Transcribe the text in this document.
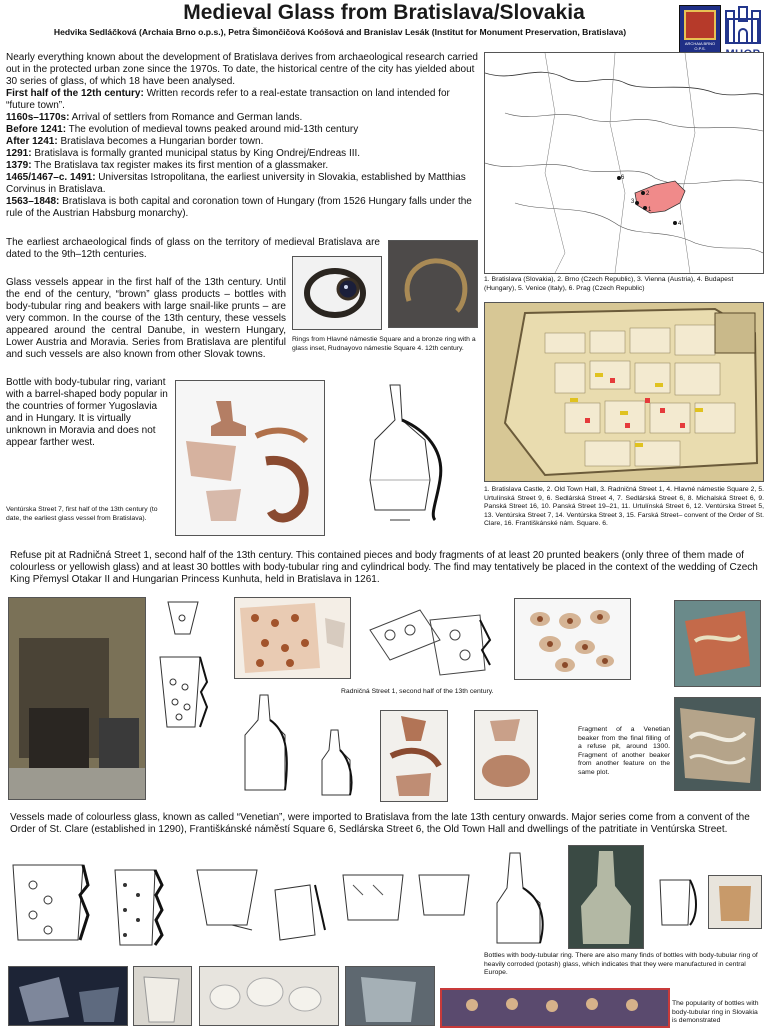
Medieval Glass from Bratislava/Slovakia
Hedvika Sedláčková (Archaia Brno o.p.s.), Petra Šimončičová Koóšová and Branislav Lesák (Institut for Monument Preservation, Bratislava)
ARCHAIA BRNO O.P.S.

Nearly everything known about the development of Bratislava derives from archaeological research carried out in the protected urban zone since the 1970s. To date, the historical centre of the city has yielded about 30 series of glass, of which 18 have been analysed.

First half of the 12th century: Written records refer to a real-estate transaction on land intended for “future town”.

1160s–1170s: Arrival of settlers from Romance and German lands.

Before 1241: The evolution of medieval towns peaked around mid-13th century

After 1241: Bratislava becomes a Hungarian border town.

1291: Bratislava is formally granted municipal status by King Ondrej/Endreas III.

1379: The Bratislava tax register makes its first mention of a glassmaker.

1465/1467–c. 1491: Universitas Istropolitana, the earliest university in Slovakia, established by Matthias Corvinus in Bratislava.

1563–1848: Bratislava is both capital and coronation town of Hungary (from 1526 Hungary falls under the rule of the Austrian Habsburg monarchy).

6
2
3
1
4
1. Bratislava (Slovakia), 2. Brno (Czech Republic), 3. Vienna (Austria), 4. Budapest (Hungary), 5. Venice (Italy), 6. Prag (Czech Republic)
1. Bratislava Castle, 2. Old Town Hall, 3. Radničná Street 1, 4. Hlavné námestie Square 2, 5. Urtulínská Street 9, 6. Sedlárská Street 4, 7. Sedlárská Street 6, 8. Michalská Street 6, 9. Panská Street 16, 10. Panská Street 19–21, 11. Urtulínská Street 6, 12. Ventúrska Street 5, 13. Ventúrska Street 7, 14. Ventúrska Street 3, 15. Farská Street– convent of the Order of St. Clare, 16. Františkánské nám. Square. 6.
The earliest archaeological finds of glass on the territory of medieval Bratislava are dated to the 9th–12th centuries.
Glass vessels appear in the first half of the 13th century. Until the end of the century, “brown” glass products – bottles with body-tubular ring and beakers with large snail-like prunts – are very common. In the course of the 13th century, these vessels appeared around the central Danube, in western Hungary, Lower Austria and Moravia. Series from Bratislava are plentiful and such vessels are also known from other Slovak towns.
Rings from Hlavné námestie Square and a bronze ring with a glass inset, Rudnayovo námestie Square 4. 12th century.
Bottle with body-tubular ring, variant with a barrel-shaped body popular in the countries of former Yugoslavia and in Hungary. It is virtually unknown in Moravia and does not appear farther west.
Ventúrska Street 7, first half of the 13th century (to date, the earliest glass vessel from Bratislava).
Refuse pit at Radničná Street 1, second half of the 13th century. This contained pieces and body fragments of at least 20 prunted beakers (only three of them made of colourless or yellowish glass) and at least 30 bottles with body-tubular ring and cylindrical body. The find may tentatively be placed in the context of the wedding of Czech King Přemysl Otakar II and Hungarian Princess Kunhuta, held in Bratislava in 1261.
Radničná Street 1, second half of the 13th century.
Fragment of a Venetian beaker from the final filling of a refuse pit, around 1300. Fragment of another beaker from another feature on the same plot.
Vessels made of colourless glass, known as called “Venetian”, were imported to Bratislava from the late 13th century onwards. Major series come from a convent of the Order of St. Clare (established in 1290), Františkánské náměstí Square 6, Sedlárska Street 6, the Old Town Hall and dwellings of the patritiate in Ventúrska Street.
Bottles with body-tubular ring. There are also many finds of bottles with body-tubular ring of heavily corroded (potash) glass, which indicates that they were manufactured in central Europe.
The popularity of bottles with body-tubular ring in Slovakia is demonstrated
